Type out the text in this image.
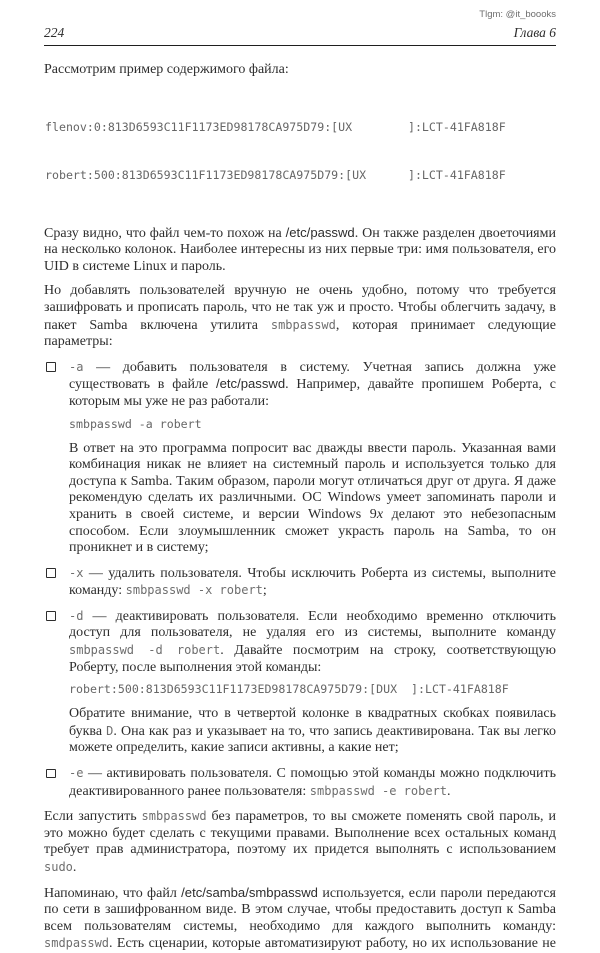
Tlgm: @it_boooks
224	Глава 6

Рассмотрим пример содержимого файла:

flenov:0:813D6593C11F1173ED98178CA975D79:[UX        ]:LCT-41FA818F

robert:500:813D6593C11F1173ED98178CA975D79:[UX      ]:LCT-41FA818F

Сразу видно, что файл чем-то похож на /etc/passwd. Он также разделен двоеточиями на несколько колонок. Наиболее интересны из них первые три: имя пользователя, его UID в системе Linux и пароль.

Но добавлять пользователей вручную не очень удобно, потому что требуется зашифровать и прописать пароль, что не так уж и просто. Чтобы облегчить задачу, в пакет Samba включена утилита smbpasswd, которая принимает следующие параметры:

-a — добавить пользователя в систему. Учетная запись должна уже существовать в файле /etc/passwd. Например, давайте пропишем Роберта, с которым мы уже не раз работали:

smbpasswd -a robert

В ответ на это программа попросит вас дважды ввести пароль. Указанная вами комбинация никак не влияет на системный пароль и используется только для доступа к Samba. Таким образом, пароли могут отличаться друг от друга. Я даже рекомендую сделать их различными. ОС Windows умеет запоминать пароли и хранить в своей системе, и версии Windows 9x делают это небезопасным способом. Если злоумышленник сможет украсть пароль на Samba, то он проникнет и в систему;

-x — удалить пользователя. Чтобы исключить Роберта из системы, выполните команду: smbpasswd -x robert;

-d — деактивировать пользователя. Если необходимо временно отключить доступ для пользователя, не удаляя его из системы, выполните команду smbpasswd -d robert. Давайте посмотрим на строку, соответствующую Роберту, после выполнения этой команды:

robert:500:813D6593C11F1173ED98178CA975D79:[DUX  ]:LCT-41FA818F

Обратите внимание, что в четвертой колонке в квадратных скобках появилась буква D. Она как раз и указывает на то, что запись деактивирована. Так вы легко можете определить, какие записи активны, а какие нет;

-e — активировать пользователя. С помощью этой команды можно подключить деактивированного ранее пользователя: smbpasswd -e robert.

Если запустить smbpasswd без параметров, то вы сможете поменять свой пароль, и это можно будет сделать с текущими правами. Выполнение всех остальных команд требует прав администратора, поэтому их придется выполнять с использованием sudo.

Напоминаю, что файл /etc/samba/smbpasswd используется, если пароли передаются по сети в зашифрованном виде. В этом случае, чтобы предоставить доступ к Samba всем пользователям системы, необходимо для каждого выполнить команду: smdpasswd. Есть сценарии, которые автоматизируют работу, но их использование не
